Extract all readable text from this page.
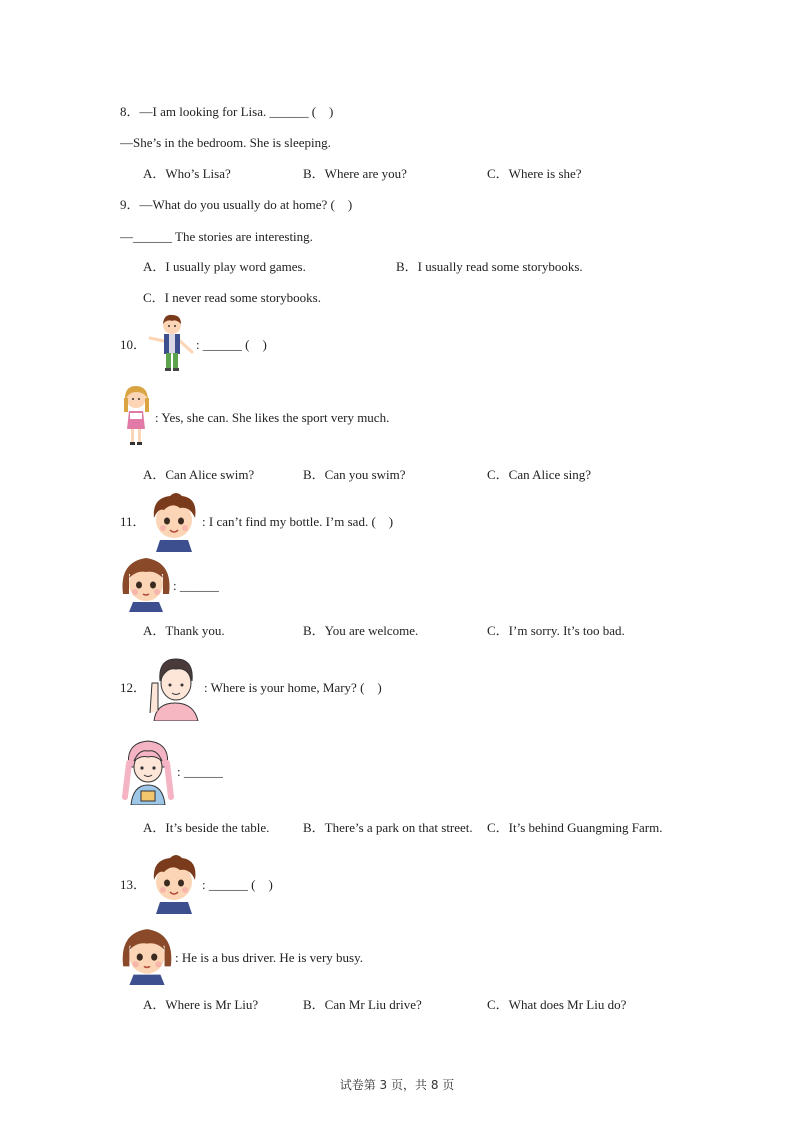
8．—I am looking for Lisa. ______ (    )
—She’s in the bedroom. She is sleeping.
A．Who’s Lisa?	B．Where are you?	C．Where is she?
9．—What do you usually do at home? (    )
—______ The stories are interesting.
A．I usually play word games.	B．I usually read some storybooks.
C．I never read some storybooks.
10．	: ______ (    )
: Yes, she can. She likes the sport very much.
A．Can Alice swim?	B．Can you swim?	C．Can Alice sing?
11．	: I can’t find my bottle. I’m sad. (    )
: ______
A．Thank you.	B．You are welcome.	C．I’m sorry. It’s too bad.
12．	: Where is your home, Mary? (    )
: ______
A．It’s beside the table.	B．There’s a park on that street. C．It’s behind Guangming Farm.
13．	: ______ (    )
: He is a bus driver. He is very busy.
A．Where is Mr Liu?	B．Can Mr Liu drive?	C．What does Mr Liu do?
试卷第 3 页，共 8 页
